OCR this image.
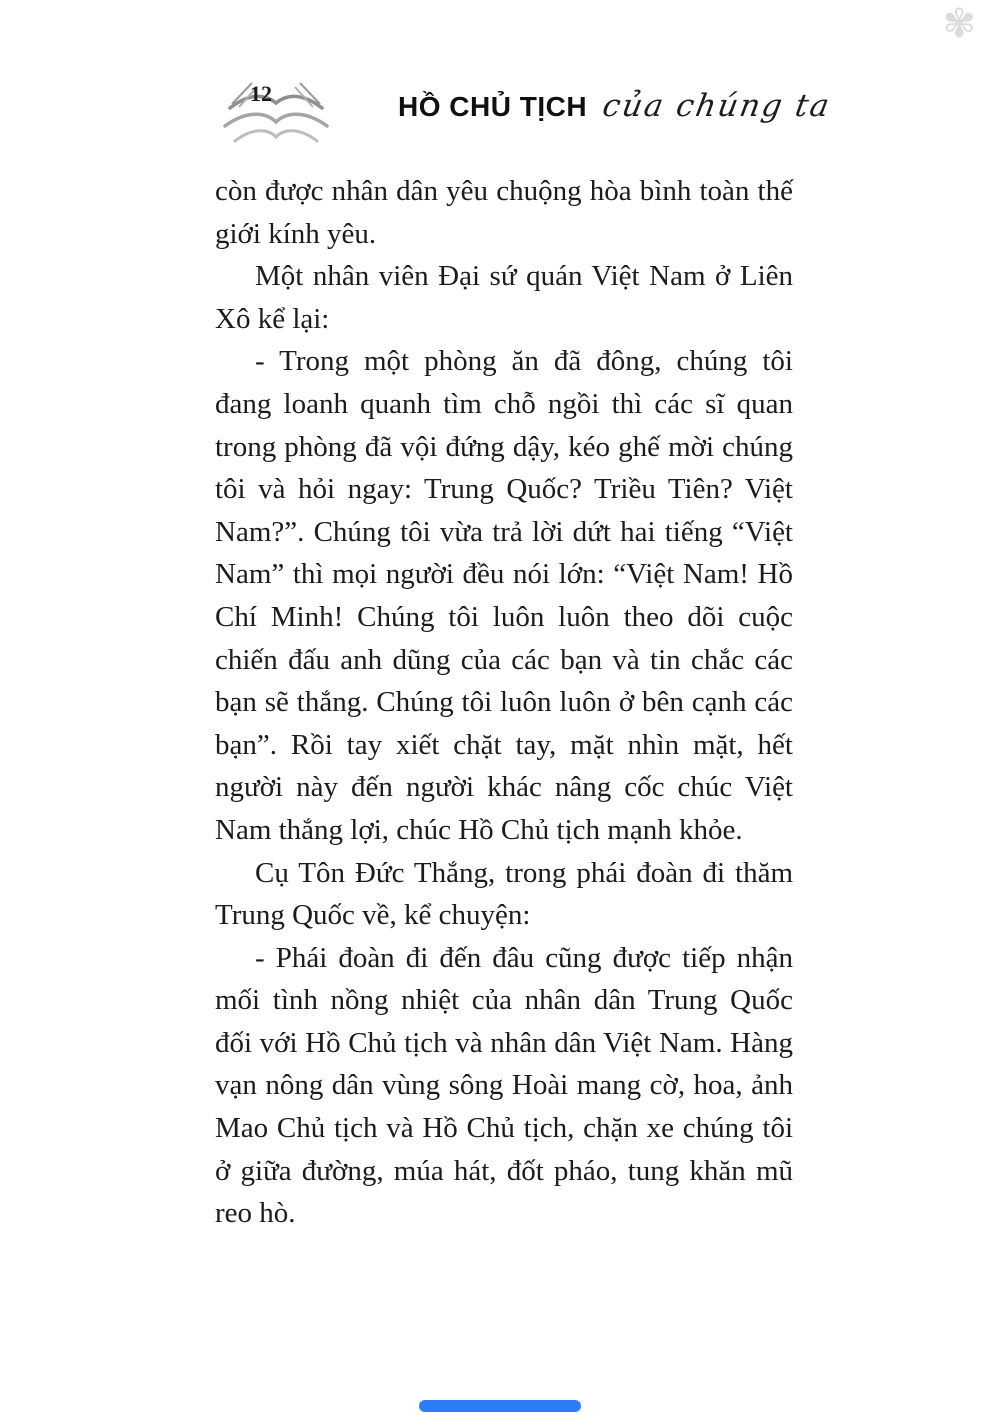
✾
12	HỒ CHỦ TỊCH của chúng ta

còn được nhân dân yêu chuộng hòa bình toàn thế giới kính yêu.

Một nhân viên Đại sứ quán Việt Nam ở Liên Xô kể lại:

- Trong một phòng ăn đã đông, chúng tôi đang loanh quanh tìm chỗ ngồi thì các sĩ quan trong phòng đã vội đứng dậy, kéo ghế mời chúng tôi và hỏi ngay: Trung Quốc? Triều Tiên? Việt Nam?”. Chúng tôi vừa trả lời dứt hai tiếng “Việt Nam” thì mọi người đều nói lớn: “Việt Nam! Hồ Chí Minh! Chúng tôi luôn luôn theo dõi cuộc chiến đấu anh dũng của các bạn và tin chắc các bạn sẽ thắng. Chúng tôi luôn luôn ở bên cạnh các bạn”. Rồi tay xiết chặt tay, mặt nhìn mặt, hết người này đến người khác nâng cốc chúc Việt Nam thắng lợi, chúc Hồ Chủ tịch mạnh khỏe.

Cụ Tôn Đức Thắng, trong phái đoàn đi thăm Trung Quốc về, kể chuyện:

- Phái đoàn đi đến đâu cũng được tiếp nhận mối tình nồng nhiệt của nhân dân Trung Quốc đối với Hồ Chủ tịch và nhân dân Việt Nam. Hàng vạn nông dân vùng sông Hoài mang cờ, hoa, ảnh Mao Chủ tịch và Hồ Chủ tịch, chặn xe chúng tôi ở giữa đường, múa hát, đốt pháo, tung khăn mũ reo hò.
